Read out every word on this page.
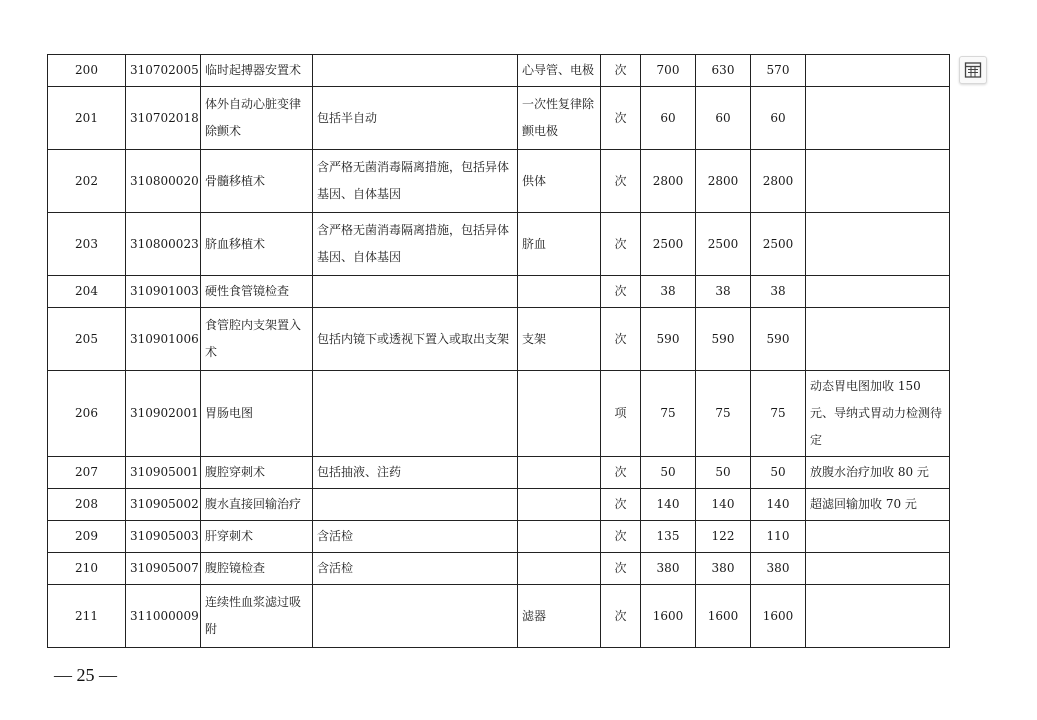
200	310702005	临时起搏器安置术		心导管、电极	次	700	630	570	
201	310702018	体外自动心脏变律除颤术	包括半自动	一次性复律除颤电极	次	60	60	60	
202	310800020	骨髓移植术	含严格无菌消毒隔离措施，包括异体基因、自体基因	供体	次	2800	2800	2800	
203	310800023	脐血移植术	含严格无菌消毒隔离措施，包括异体基因、自体基因	脐血	次	2500	2500	2500	
204	310901003	硬性食管镜检查			次	38	38	38	
205	310901006	食管腔内支架置入术	包括内镜下或透视下置入或取出支架	支架	次	590	590	590	
206	310902001	胃肠电图			项	75	75	75	动态胃电图加收 150 元、导纳式胃动力检测待定
207	310905001	腹腔穿刺术	包括抽液、注药		次	50	50	50	放腹水治疗加收 80 元
208	310905002	腹水直接回输治疗			次	140	140	140	超滤回输加收 70 元
209	310905003	肝穿刺术	含活检		次	135	122	110	
210	310905007	腹腔镜检查	含活检		次	380	380	380	
211	311000009	连续性血浆滤过吸附		滤器	次	1600	1600	1600	
— 25 —
